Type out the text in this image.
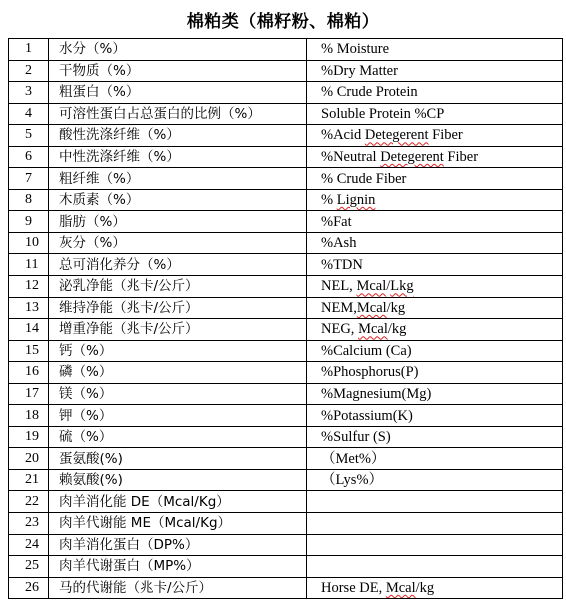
棉粕类（棉籽粉、棉粕）
1	水分（%）	% Moisture
2	干物质（%）	%Dry Matter
3	粗蛋白（%）	% Crude Protein
4	可溶性蛋白占总蛋白的比例（%）	Soluble Protein %CP
5	酸性洗涤纤维（%）	%Acid Detegerent Fiber
6	中性洗涤纤维（%）	%Neutral Detegerent Fiber
7	粗纤维（%）	% Crude Fiber
8	木质素（%）	% Lignin
9	脂肪（%）	%Fat
10	灰分（%）	%Ash
11	总可消化养分（%）	%TDN
12	泌乳净能（兆卡/公斤）	NEL, Mcal/Lkg
13	维持净能（兆卡/公斤）	NEM,Mcal/kg
14	增重净能（兆卡/公斤）	NEG, Mcal/kg
15	钙（%）	%Calcium (Ca)
16	磷（%）	%Phosphorus(P)
17	镁（%）	%Magnesium(Mg)
18	钾（%）	%Potassium(K)
19	硫（%）	%Sulfur (S)
20	蛋氨酸(%)	（Met%）
21	赖氨酸(%)	（Lys%）
22	肉羊消化能 DE（Mcal/Kg）	
23	肉羊代谢能 ME（Mcal/Kg）	
24	肉羊消化蛋白（DP%）	
25	肉羊代谢蛋白（MP%）	
26	马的代谢能（兆卡/公斤）	Horse DE, Mcal/kg
